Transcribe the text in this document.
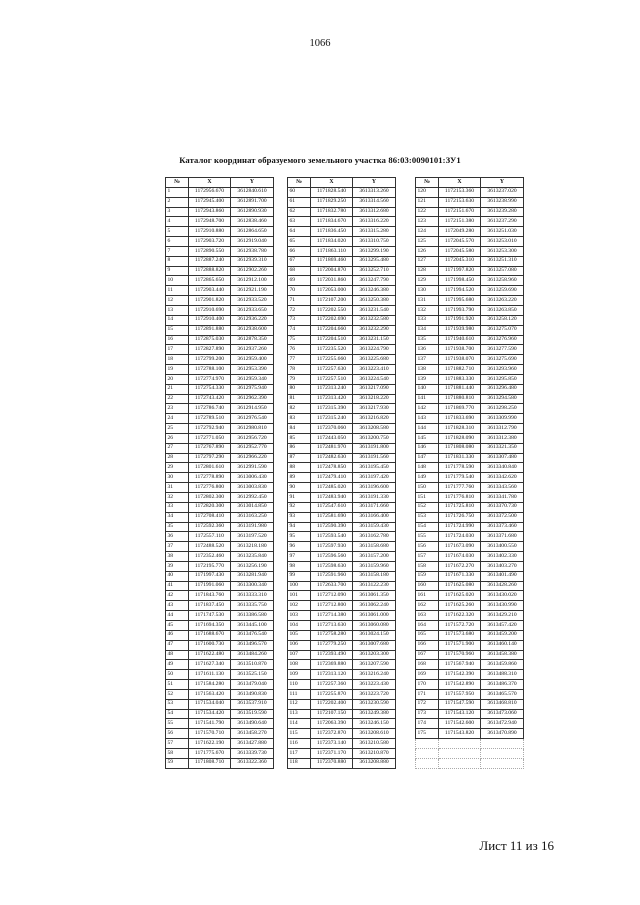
1066
Каталог координат образуемого земельного участка 86:03:0090101:ЗУ1
№	X	Y
1	1172956.670	3612840.610
2	1172945.400	3612891.700
3	1172943.860	3612890.930
4	1172948.700	3612838.460
5	1172910.880	3612864.650
6	1172903.720	3612919.040
7	1172890.550	3612938.780
8	1172887.240	3612939.310
9	1172888.820	3612902.260
10	1172865.650	3612912.100
11	1172903.440	3612921.190
12	1172901.820	3612933.520
13	1172910.690	3612933.650
14	1172910.400	3612936.220
15	1172891.880	3612938.600
16	1172875.030	3612878.350
17	1172827.890	3612937.260
18	1172799.200	3612959.400
19	1172788.100	3612953.390
20	1172774.970	3612959.340
21	1172754.330	3612975.940
22	1172743.420	3612962.390
23	1172786.740	3612914.950
24	1172789.510	3612976.540
25	1172792.940	3612980.810
26	1172771.050	3612956.720
27	1172767.890	3612952.770
28	1172797.290	3612966.220
29	1172801.610	3612991.590
30	1172778.890	3613006.430
31	1172776.800	3613003.830
32	1172802.300	3612992.450
33	1172820.300	3613014.850
34	1172708.410	3613163.250
35	1172592.360	3613191.980
36	1172557.110	3613197.520
37	1172488.520	3613218.180
38	1172352.460	3613235.840
39	1172195.770	3613256.190
40	1171997.430	3613281.940
41	1171991.060	3613300.340
42	1171843.760	3613333.310
43	1171837.450	3613335.750
44	1171747.530	3613386.580
45	1171694.350	3613445.100
46	1171688.670	3613476.540
47	1171600.730	3613496.570
48	1171622.480	3613484.260
49	1171627.340	3613510.870
50	1171611.130	3613525.150
51	1171584.280	3613479.040
52	1171563.420	3613490.830
53	1171534.040	3613537.910
54	1171534.420	3613519.590
55	1171541.790	3613490.640
56	1171570.710	3613458.270
57	1171622.190	3613427.880
58	1171775.670	3613339.730
59	1171808.710	3613322.360
№	X	Y
60	1171828.540	3613313.260
61	1171829.250	3613314.560
62	1171832.780	3613312.680
63	1171834.670	3613316.220
64	1171836.450	3613315.280
65	1171834.020	3613310.750
66	1171863.110	3613299.190
67	1171869.460	3613295.480
68	1172004.870	3613252.710
69	1172031.860	3613247.790
70	1172053.000	3613246.380
71	1172107.200	3613250.380
72	1172202.550	3613231.540
73	1172202.690	3613232.580
74	1172204.660	3613232.290
75	1172204.510	3613231.150
76	1172235.520	3613224.790
77	1172255.660	3613225.680
78	1172257.630	3613223.410
79	1172257.510	3613224.540
80	1172313.240	3613217.090
81	1172313.420	3613218.220
82	1172315.390	3613217.930
83	1172315.240	3613216.820
84	1172370.060	3613208.580
85	1172443.050	3613200.750
86	1172481.970	3613191.800
87	1172482.630	3613191.560
88	1172478.850	3613195.450
89	1172479.410	3613197.420
90	1172485.020	3613196.600
91	1172483.940	3613191.330
92	1172547.610	3613171.660
93	1172581.690	3613166.400
94	1172590.390	3613159.430
95	1172593.540	3613162.780
96	1172597.930	3613158.680
97	1172596.560	3613157.200
98	1172598.630	3613159.960
99	1172591.960	3613158.180
100	1172633.700	3613122.230
101	1172712.090	3613061.350
102	1172712.800	3613062.240
103	1172714.380	3613061.000
104	1172713.630	3613060.080
105	1172758.280	3613024.150
106	1172779.250	3613007.680
107	1172393.490	3613203.300
108	1172369.880	3613207.590
109	1172313.120	3613216.240
110	1172257.360	3613223.430
111	1172255.870	3613223.720
112	1172202.400	3613230.590
113	1172107.150	3613249.380
114	1172063.390	3613246.150
115	1172372.870	3613208.610
116	1172373.140	3613210.580
117	1172371.170	3613210.870
118	1172370.880	3613208.880
№	X	Y
120	1172153.360	3613237.020
121	1172153.630	3613238.990
122	1172151.670	3613239.280
123	1172151.380	3613237.290
124	1172049.280	3613251.030
125	1172045.570	3613253.010
126	1172045.580	3613253.300
127	1172045.310	3613251.310
128	1171997.820	3613257.080
129	1171998.450	3613258.960
130	1171994.520	3613259.690
131	1171995.680	3613263.220
132	1171993.790	3613263.850
133	1171991.920	3613258.120
134	1171939.980	3613275.070
135	1171940.610	3613276.960
136	1171938.700	3613277.590
137	1171938.070	3613275.690
138	1171882.710	3613293.960
139	1171883.330	3613295.850
140	1171881.440	3613296.480
141	1171880.810	3613294.580
142	1171869.770	3613298.250
143	1171833.690	3613309.990
144	1171828.310	3613312.790
145	1171828.090	3613312.380
146	1171808.080	3613321.350
147	1171831.330	3613307.480
148	1171778.590	3613340.840
149	1171779.540	3613342.620
150	1171777.760	3613343.560
151	1171776.810	3613341.780
152	1171725.810	3613370.730
153	1171726.750	3613372.500
154	1171724.990	3613373.460
155	1171724.030	3613371.680
156	1171673.090	3613400.550
157	1171674.030	3613402.330
158	1171672.270	3613403.270
159	1171671.330	3613401.490
160	1171625.080	3613428.260
161	1171625.020	3613430.020
162	1171625.260	3613430.990
163	1171622.320	3613429.210
164	1171572.720	3613457.420
165	1171573.680	3613459.200
166	1171571.900	3613460.140
167	1171570.960	3613458.380
168	1171567.940	3613459.860
169	1171542.390	3613488.310
170	1171542.890	3613486.370
171	1171557.950	3613465.570
172	1171547.590	3613468.810
173	1171543.120	3613473.060
174	1171542.600	3613472.940
175	1171543.820	3613470.890

Лист 11 из 16
